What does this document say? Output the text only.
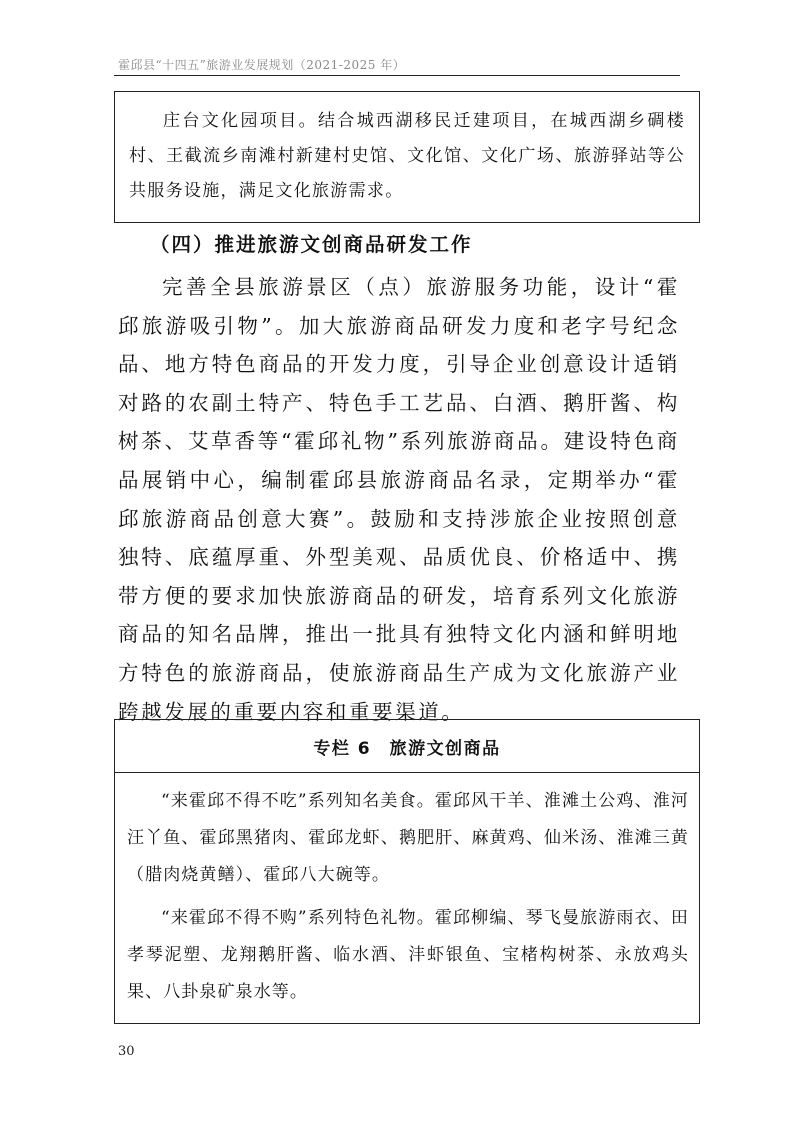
霍邱县“十四五”旅游业发展规划（2021-2025 年）

庄台文化园项目。结合城西湖移民迁建项目，在城西湖乡碉楼村、王截流乡南滩村新建村史馆、文化馆、文化广场、旅游驿站等公共服务设施，满足文化旅游需求。

（四）推进旅游文创商品研发工作

完善全县旅游景区（点）旅游服务功能，设计“霍邱旅游吸引物”。加大旅游商品研发力度和老字号纪念品、地方特色商品的开发力度，引导企业创意设计适销对路的农副土特产、特色手工艺品、白酒、鹅肝酱、构树茶、艾草香等“霍邱礼物”系列旅游商品。建设特色商品展销中心，编制霍邱县旅游商品名录，定期举办“霍邱旅游商品创意大赛”。鼓励和支持涉旅企业按照创意独特、底蕴厚重、外型美观、品质优良、价格适中、携带方便的要求加快旅游商品的研发，培育系列文化旅游商品的知名品牌，推出一批具有独特文化内涵和鲜明地方特色的旅游商品，使旅游商品生产成为文化旅游产业跨越发展的重要内容和重要渠道。

专栏 6　旅游文创商品

“来霍邱不得不吃”系列知名美食。霍邱风干羊、淮滩土公鸡、淮河汪丫鱼、霍邱黑猪肉、霍邱龙虾、鹅肥肝、麻黄鸡、仙米汤、淮滩三黄（腊肉烧黄鳝）、霍邱八大碗等。

“来霍邱不得不购”系列特色礼物。霍邱柳编、琴飞曼旅游雨衣、田孝琴泥塑、龙翔鹅肝酱、临水酒、沣虾银鱼、宝楮构树茶、永放鸡头果、八卦泉矿泉水等。

30
